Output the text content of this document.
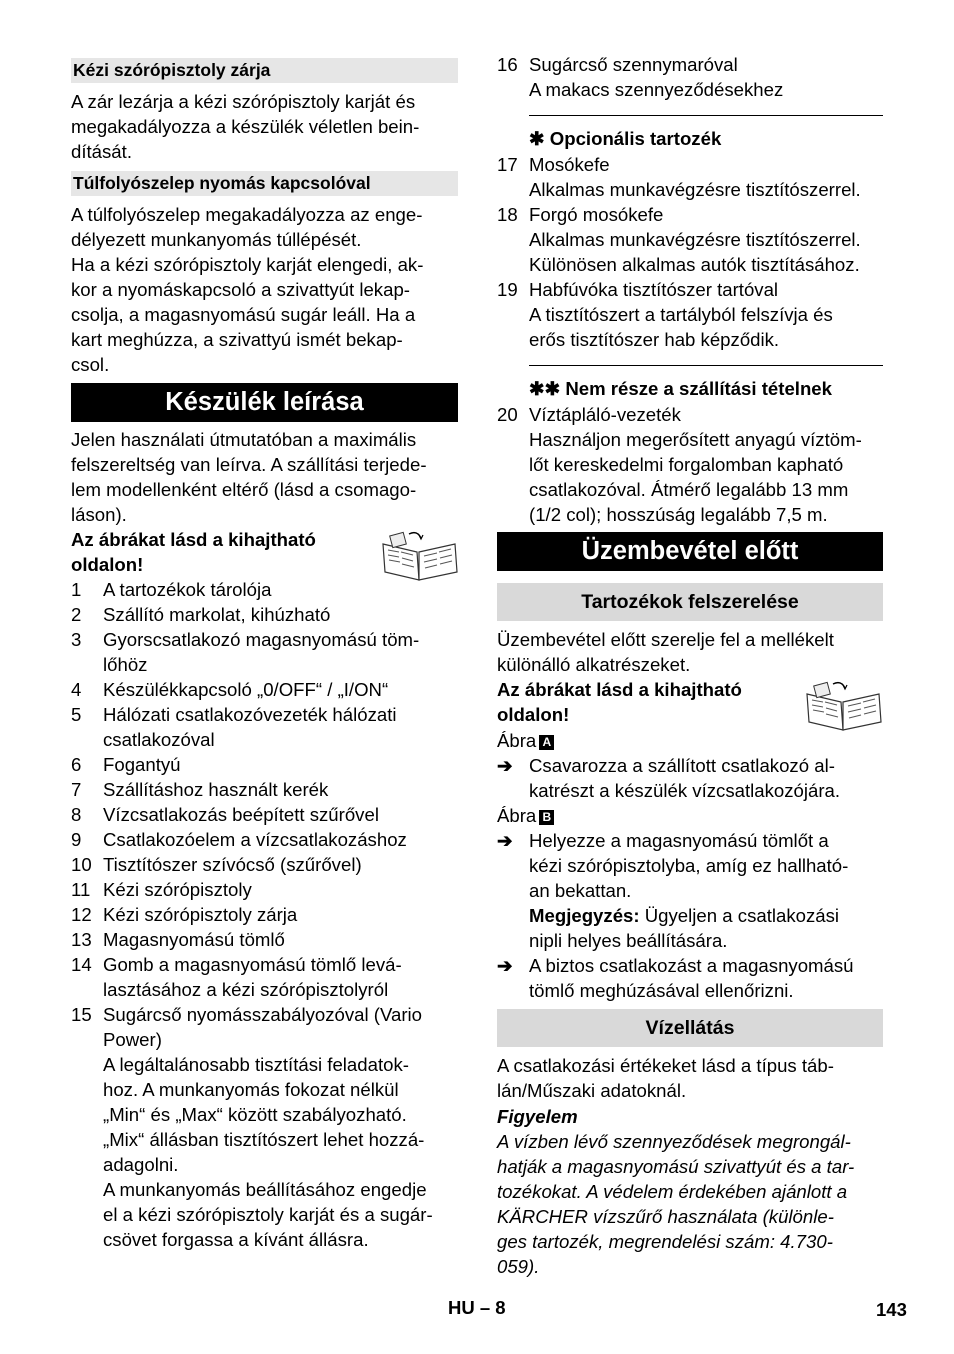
Kézi szórópisztoly zárja
A zár lezárja a kézi szórópisztoly karját és
megakadályozza a készülék véletlen bein-
dítását.
Túlfolyószelep nyomás kapcsolóval
A túlfolyószelep megakadályozza az enge-
délyezett munkanyomás túllépését.
Ha a kézi szórópisztoly karját elengedi, ak-
kor a nyomáskapcsoló a szivattyút lekap-
csolja, a magasnyomású sugár leáll. Ha a
kart meghúzza, a szivattyú ismét bekap-
csol.
Készülék leírása
Jelen használati útmutatóban a maximális
felszereltség van leírva. A szállítási terjede-
lem modellenként eltérő (lásd a csomago-
láson).
Az ábrákat lásd a kihajtható
oldalon!
1 A tartozékok tárolója
2 Szállító markolat, kihúzható
3 Gyorscsatlakozó magasnyomású töm-
lőhöz
4 Készülékkapcsoló „0/OFF“ / „I/ON“
5 Hálózati csatlakozóvezeték hálózati
csatlakozóval
6 Fogantyú
7 Szállításhoz használt kerék
8 Vízcsatlakozás beépített szűrővel
9 Csatlakozóelem a vízcsatlakozáshoz
10 Tisztítószer szívócső (szűrővel)
11 Kézi szórópisztoly
12 Kézi szórópisztoly zárja
13 Magasnyomású tömlő
14 Gomb a magasnyomású tömlő levá-
lasztásához a kézi szórópisztolyról
15 Sugárcső nyomásszabályozóval (Vario
Power)
A legáltalánosabb tisztítási feladatok-
hoz. A munkanyomás fokozat nélkül
„Min“ és „Max“ között szabályozható.
„Mix“ állásban tisztítószert lehet hozzá-
adagolni.
A munkanyomás beállításához engedje
el a kézi szórópisztoly karját és a sugár-
csövet forgassa a kívánt állásra.
16 Sugárcső szennymaróval
A makacs szennyeződésekhez
✱ Opcionális tartozék
17 Mosókefe
Alkalmas munkavégzésre tisztítószerrel.
18 Forgó mosókefe
Alkalmas munkavégzésre tisztítószerrel.
Különösen alkalmas autók tisztításához.
19 Habfúvóka tisztítószer tartóval
A tisztítószert a tartályból felszívja és
erős tisztítószer hab képződik.
✱✱ Nem része a szállítási tételnek
20 Víztápláló-vezeték
Használjon megerősített anyagú víztöm-
lőt kereskedelmi forgalomban kapható
csatlakozóval. Átmérő legalább 13 mm
(1/2 col); hosszúság legalább 7,5 m.
Üzembevétel előtt
Tartozékok felszerelése
Üzembevétel előtt szerelje fel a mellékelt
különálló alkatrészeket.
Az ábrákat lásd a kihajtható
oldalon!
Ábra A
➔ Csavarozza a szállított csatlakozó al-
katrészt a készülék vízcsatlakozójára.
Ábra B
➔ Helyezze a magasnyomású tömlőt a
kézi szórópisztolyba, amíg ez hallható-
an bekattan.
Megjegyzés: Ügyeljen a csatlakozási
nipli helyes beállítására.
➔ A biztos csatlakozást a magasnyomású
tömlő meghúzásával ellenőrizni.
Vízellátás
A csatlakozási értékeket lásd a típus táb-
lán/Műszaki adatoknál.
Figyelem
A vízben lévő szennyeződések megrongál-
hatják a magasnyomású szivattyút és a tar-
tozékokat. A védelem érdekében ajánlott a
KÄRCHER vízszűrő használata (különle-
ges tartozék, megrendelési szám: 4.730-
059).
HU – 8	143
